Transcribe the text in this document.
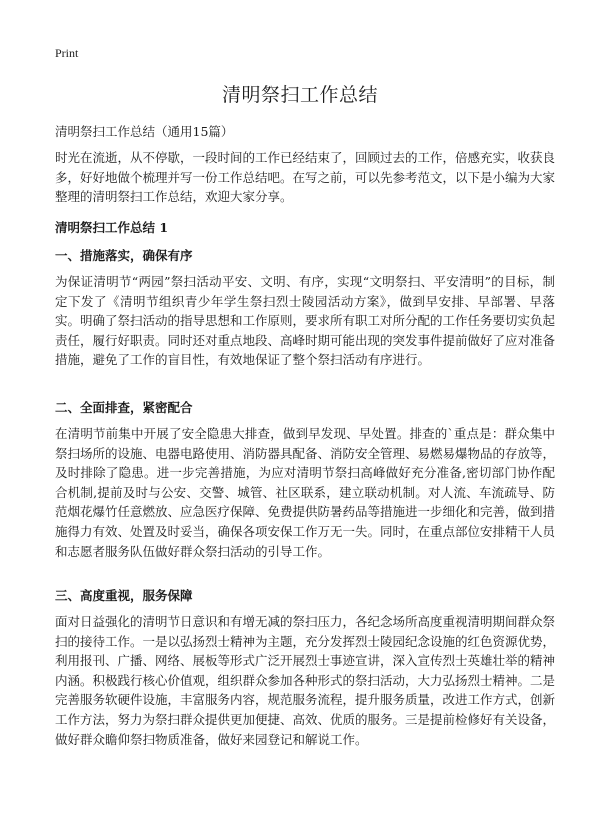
Print
清明祭扫工作总结
清明祭扫工作总结（通用15篇）

时光在流逝，从不停歇，一段时间的工作已经结束了，回顾过去的工作，倍感充实，收获良多，好好地做个梳理并写一份工作总结吧。在写之前，可以先参考范文，以下是小编为大家整理的清明祭扫工作总结，欢迎大家分享。

清明祭扫工作总结 1
一、措施落实，确保有序

为保证清明节“两园”祭扫活动平安、文明、有序，实现“文明祭扫、平安清明”的目标，制定下发了《清明节组织青少年学生祭扫烈士陵园活动方案》，做到早安排、早部署、早落实。明确了祭扫活动的指导思想和工作原则，要求所有职工对所分配的工作任务要切实负起责任，履行好职责。同时还对重点地段、高峰时期可能出现的突发事件提前做好了应对准备措施，避免了工作的盲目性，有效地保证了整个祭扫活动有序进行。

二、全面排查，紧密配合

在清明节前集中开展了安全隐患大排查，做到早发现、早处置。排查的`重点是：群众集中祭扫场所的设施、电器电路使用、消防器具配备、消防安全管理、易燃易爆物品的存放等，及时排除了隐患。进一步完善措施，为应对清明节祭扫高峰做好充分准备,密切部门协作配合机制,提前及时与公安、交警、城管、社区联系，建立联动机制。对人流、车流疏导、防范烟花爆竹任意燃放、应急医疗保障、免费提供防暑药品等措施进一步细化和完善，做到措施得力有效、处置及时妥当，确保各项安保工作万无一失。同时，在重点部位安排精干人员和志愿者服务队伍做好群众祭扫活动的引导工作。

三、高度重视，服务保障

面对日益强化的清明节日意识和有增无减的祭扫压力，各纪念场所高度重视清明期间群众祭扫的接待工作。一是以弘扬烈士精神为主题，充分发挥烈士陵园纪念设施的红色资源优势，利用报刊、广播、网络、展板等形式广泛开展烈士事迹宣讲，深入宣传烈士英雄壮举的精神内涵。积极践行核心价值观，组织群众参加各种形式的祭扫活动，大力弘扬烈士精神。二是完善服务软硬件设施，丰富服务内容，规范服务流程，提升服务质量，改进工作方式，创新工作方法，努力为祭扫群众提供更加便捷、高效、优质的服务。三是提前检修好有关设备，做好群众瞻仰祭扫物质准备，做好来园登记和解说工作。
